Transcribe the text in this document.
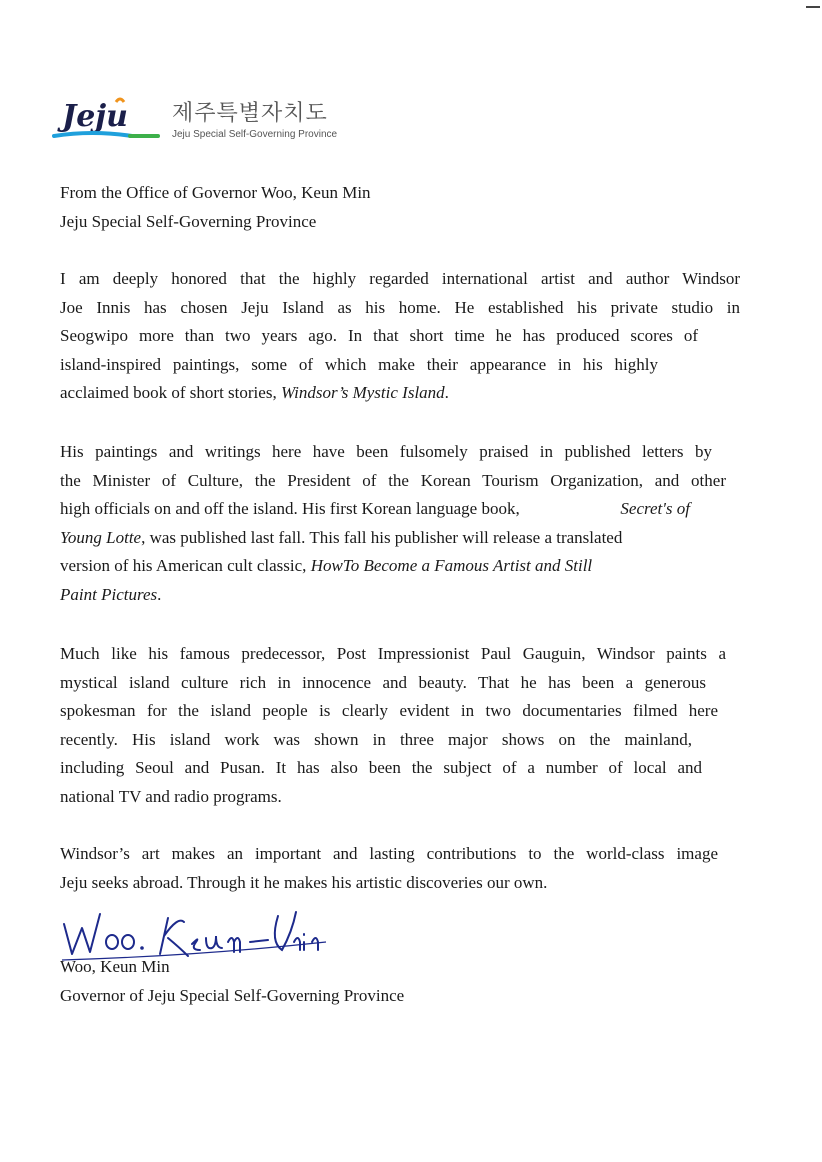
Jeju 제주특별자치도
Jeju Special Self-Governing Province
From the Office of Governor Woo, Keun Min
Jeju Special Self-Governing Province
I am deeply honored that the highly regarded international artist and author Windsor
Joe Innis has chosen Jeju Island as his home. He established his private studio in
Seogwipo more than two years ago. In that short time he has produced scores of
island-inspired paintings, some of which make their appearance in his highly
acclaimed book of short stories, Windsor’s Mystic Island.
His paintings and writings here have been fulsomely praised in published letters by
the Minister of Culture, the President of the Korean Tourism Organization, and other
high officials on and off the island. His first Korean language book,	Secret's of
Young Lotte, was published last fall. This fall his publisher will release a translated
version of his American cult classic, HowTo Become a Famous Artist and Still
Paint Pictures.
Much like his famous predecessor, Post Impressionist Paul Gauguin, Windsor paints a
mystical island culture rich in innocence and beauty. That he has been a generous
spokesman for the island people is clearly evident in two documentaries filmed here
recently. His island work was shown in three major shows on the mainland,
including Seoul and Pusan. It has also been the subject of a number of local and
national TV and radio programs.
Windsor’s art makes an important and lasting contributions to the world-class image
Jeju seeks abroad. Through it he makes his artistic discoveries our own.
Woo, Keun Min
Governor of Jeju Special Self-Governing Province
